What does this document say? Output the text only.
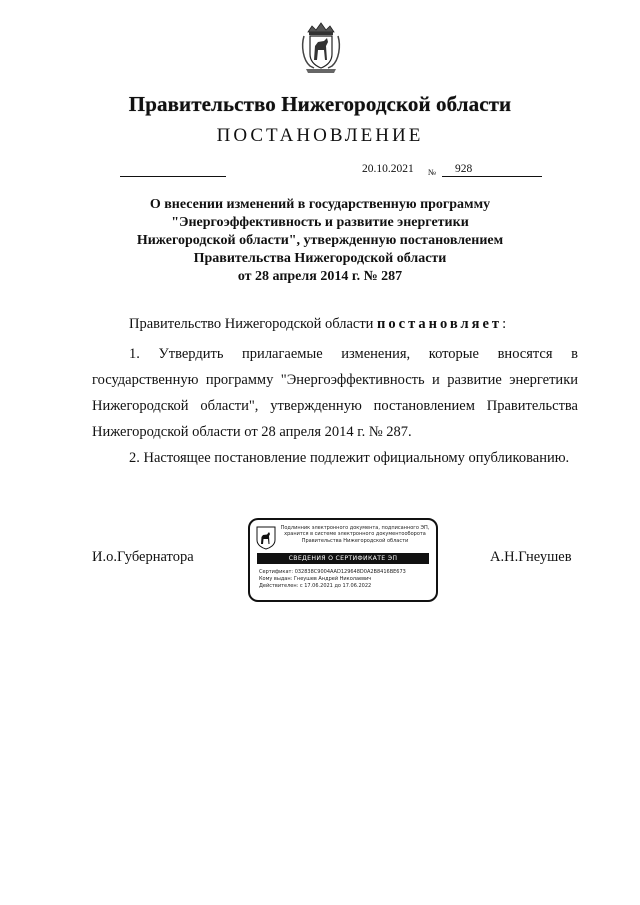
Правительство Нижегородской области
ПОСТАНОВЛЕНИЕ
20.10.2021 № 928
О внесении изменений в государственную программу
"Энергоэффективность и развитие энергетики
Нижегородской области", утвержденную постановлением
Правительства Нижегородской области
от 28 апреля 2014 г. № 287
Правительство Нижегородской области постановляет:
1. Утвердить прилагаемые изменения, которые вносятся в государственную программу "Энергоэффективность и развитие энергетики Нижегородской области", утвержденную постановлением Правительства Нижегородской области от 28 апреля 2014 г. № 287.
2. Настоящее постановление подлежит официальному опубликованию.
И.о.Губернатора	А.Н.Гнеушев
Подлинник электронного документа, подписанного ЭП,
хранится в системе электронного документооборота
Правительства Нижегородской области
СВЕДЕНИЯ О СЕРТИФИКАТЕ ЭП
Сертификат: 032838C9004AAD129648D0A2B8416BE673
Кому выдан: Гнеушев Андрей Николаевич
Действителен: с 17.06.2021 до 17.06.2022
